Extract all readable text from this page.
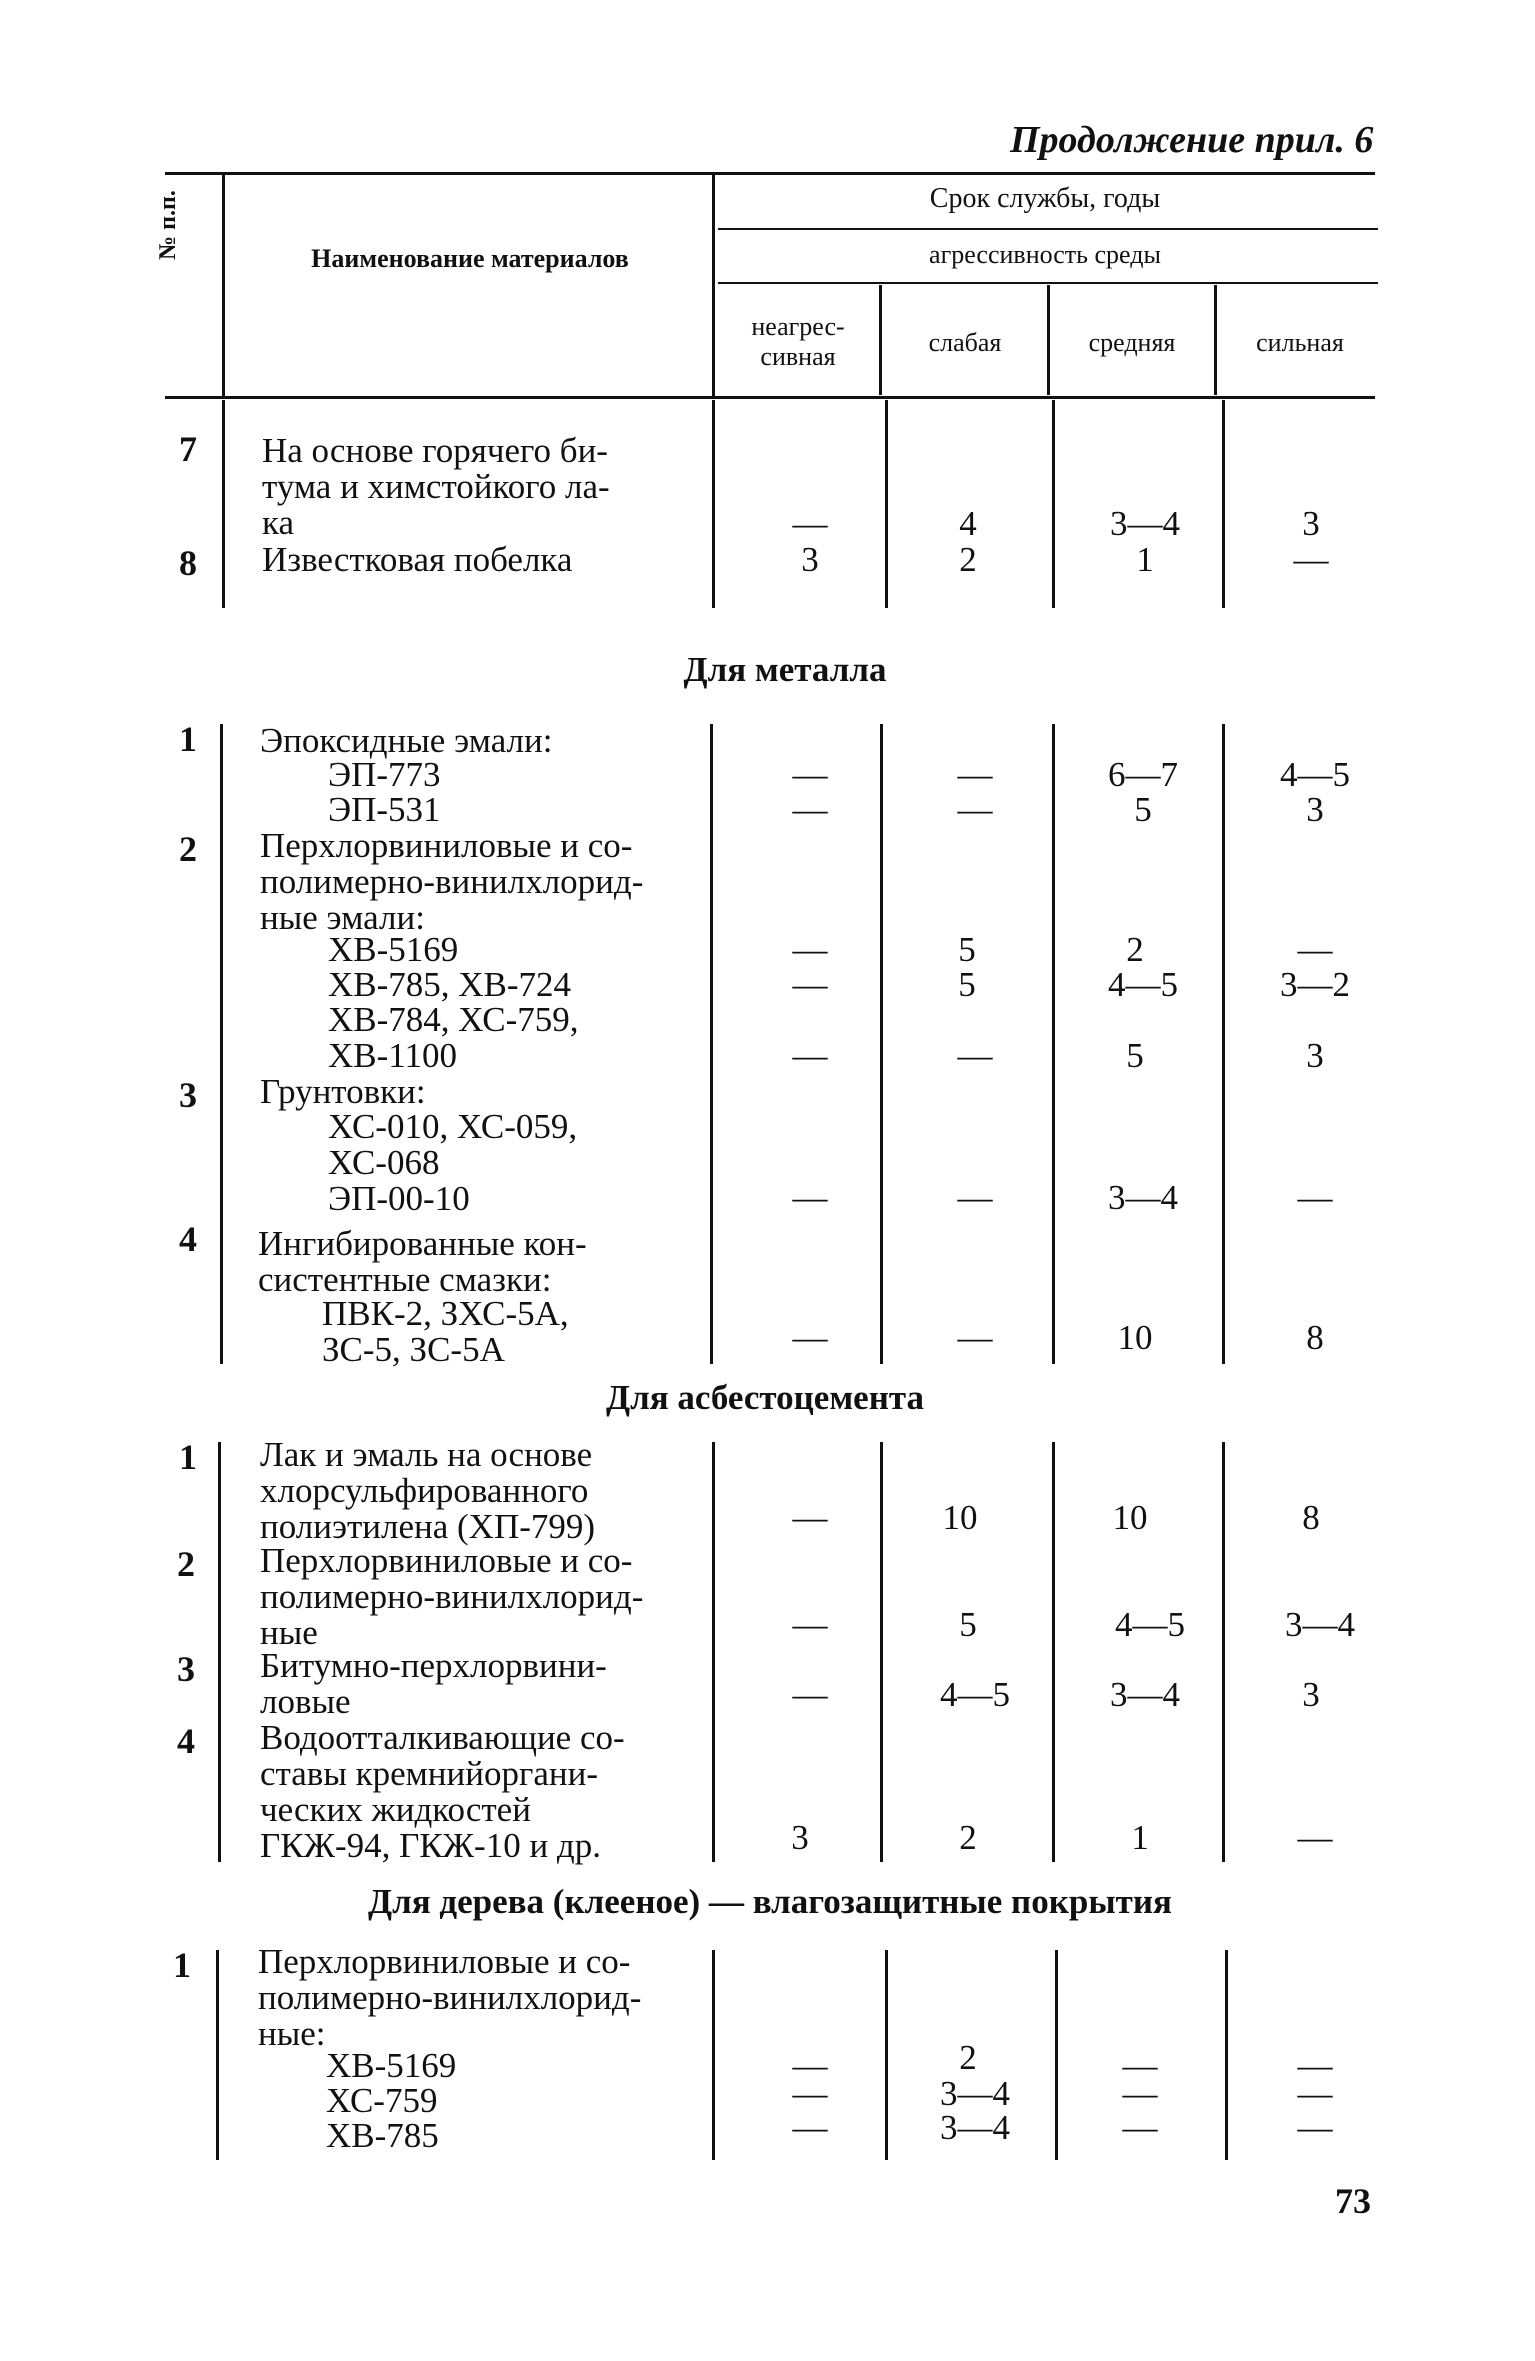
Продолжение прил. 6
№ п.п.	Наименование материалов
Срок службы, годы
агрессивность среды
неагрес-сивная	слабая	средняя	сильная
7	На основе горячего би-
тума и химстойкого ла-
ка	—	4	3—4	3
8	Известковая побелка	3	2	1	—
Для металла
1	Эпоксидные эмали:
ЭП-773	—	—	6—7	4—5
ЭП-531	—	—	5	3
2	Перхлорвиниловые и со-
полимерно-винилхлорид-
ные эмали:
ХВ-5169	—	5	2	—
ХВ-785, ХВ-724	—	5	4—5	3—2
ХВ-784, ХС-759,
ХВ-1100	—	—	5	3
3	Грунтовки:
ХС-010, ХС-059,
ХС-068
ЭП-00-10	—	—	3—4	—
4	Ингибированные кон-
систентные смазки:
ПВК-2, ЗХС-5А,
ЗС-5, ЗС-5А	—	—	10	8
Для асбестоцемента
1	Лак и эмаль на основе
хлорсульфированного
полиэтилена (ХП-799)	—	10	10	8
2	Перхлорвиниловые и со-
полимерно-винилхлорид-
ные	—	5	4—5	3—4
3	Битумно-перхлорвини-
ловые	—	4—5	3—4	3
4	Водоотталкивающие со-
ставы кремнийоргани-
ческих жидкостей
ГКЖ-94, ГКЖ-10 и др.	3	2	1	—
Для дерева (клееное) — влагозащитные покрытия
1	Перхлорвиниловые и со-
полимерно-винилхлорид-
ные:
ХВ-5169	—	2	—	—
ХС-759	—	3—4	—	—
ХВ-785	—	3—4	—	—
73
